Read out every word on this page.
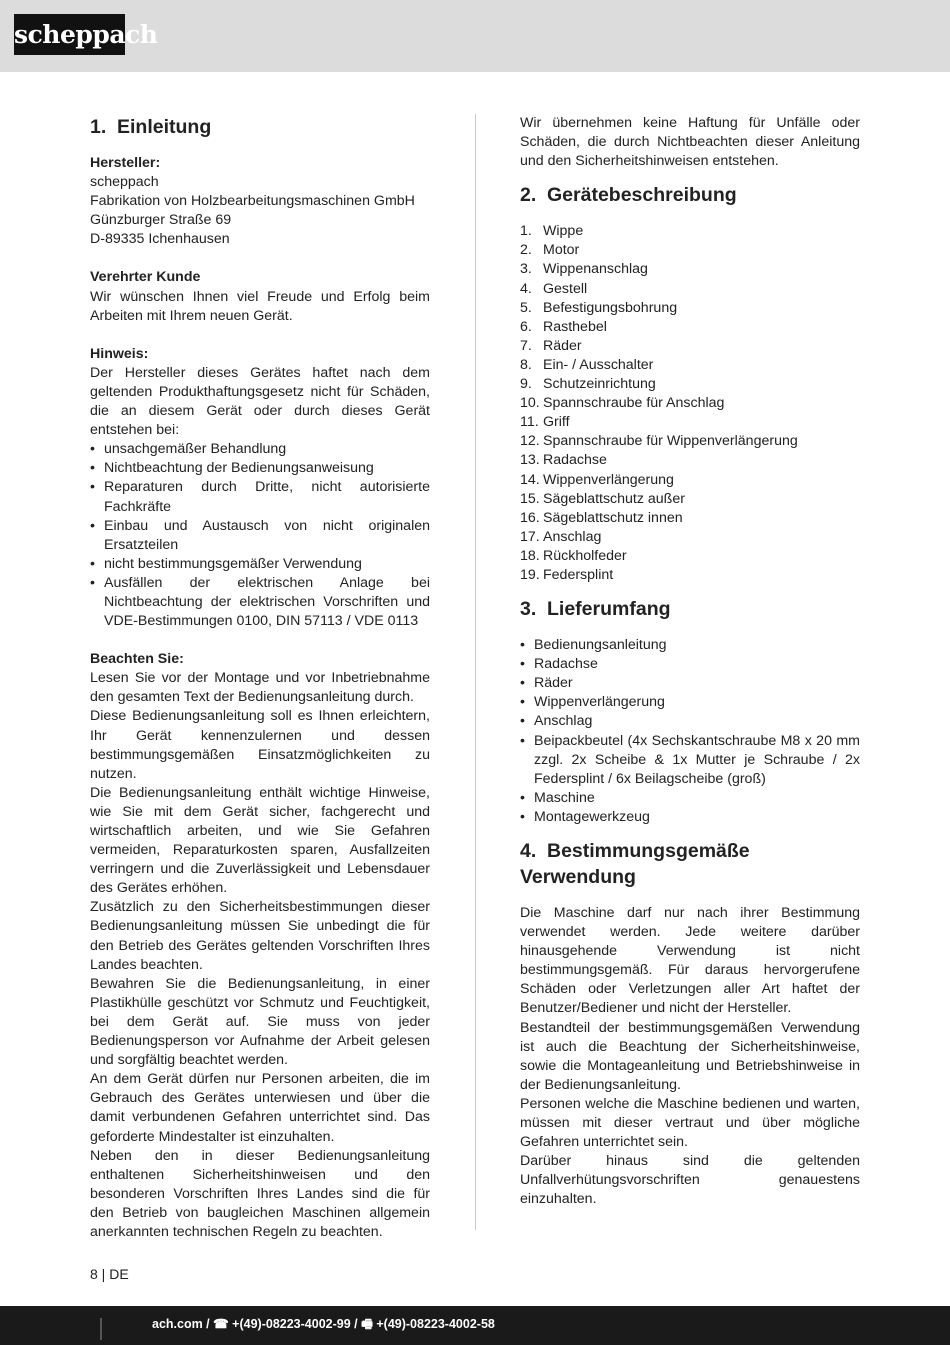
scheppach
1. Einleitung
Hersteller:
scheppach
Fabrikation von Holzbearbeitungsmaschinen GmbH
Günzburger Straße 69
D-89335 Ichenhausen
Verehrter Kunde
Wir wünschen Ihnen viel Freude und Erfolg beim Arbeiten mit Ihrem neuen Gerät.
Hinweis:
Der Hersteller dieses Gerätes haftet nach dem geltenden Produkthaftungsgesetz nicht für Schäden, die an diesem Gerät oder durch dieses Gerät entstehen bei:
• unsachgemäßer Behandlung
• Nichtbeachtung der Bedienungsanweisung
• Reparaturen durch Dritte, nicht autorisierte Fachkräfte
• Einbau und Austausch von nicht originalen Ersatzteilen
• nicht bestimmungsgemäßer Verwendung
• Ausfällen der elektrischen Anlage bei Nichtbeachtung der elektrischen Vorschriften und VDE-Bestimmungen 0100, DIN 57113 / VDE 0113
Beachten Sie:
Lesen Sie vor der Montage und vor Inbetriebnahme den gesamten Text der Bedienungsanleitung durch.
Diese Bedienungsanleitung soll es Ihnen erleichtern, Ihr Gerät kennenzulernen und dessen bestimmungsgemäßen Einsatzmöglichkeiten zu nutzen.
Die Bedienungsanleitung enthält wichtige Hinweise, wie Sie mit dem Gerät sicher, fachgerecht und wirtschaftlich arbeiten, und wie Sie Gefahren vermeiden, Reparaturkosten sparen, Ausfallzeiten verringern und die Zuverlässigkeit und Lebensdauer des Gerätes erhöhen.
Zusätzlich zu den Sicherheitsbestimmungen dieser Bedienungsanleitung müssen Sie unbedingt die für den Betrieb des Gerätes geltenden Vorschriften Ihres Landes beachten.
Bewahren Sie die Bedienungsanleitung, in einer Plastikhülle geschützt vor Schmutz und Feuchtigkeit, bei dem Gerät auf. Sie muss von jeder Bedienungsperson vor Aufnahme der Arbeit gelesen und sorgfältig beachtet werden.
An dem Gerät dürfen nur Personen arbeiten, die im Gebrauch des Gerätes unterwiesen und über die damit verbundenen Gefahren unterrichtet sind. Das geforderte Mindestalter ist einzuhalten.
Neben den in dieser Bedienungsanleitung enthaltenen Sicherheitshinweisen und den besonderen Vorschriften Ihres Landes sind die für den Betrieb von baugleichen Maschinen allgemein anerkannten technischen Regeln zu beachten.
Wir übernehmen keine Haftung für Unfälle oder Schäden, die durch Nichtbeachten dieser Anleitung und den Sicherheitshinweisen entstehen.
2. Gerätebeschreibung
1. Wippe
2. Motor
3. Wippenanschlag
4. Gestell
5. Befestigungsbohrung
6. Rasthebel
7. Räder
8. Ein- / Ausschalter
9. Schutzeinrichtung
10. Spannschraube für Anschlag
11. Griff
12. Spannschraube für Wippenverlängerung
13. Radachse
14. Wippenverlängerung
15. Sägeblattschutz außer
16. Sägeblattschutz innen
17. Anschlag
18. Rückholfeder
19. Federsplint
3. Lieferumfang
• Bedienungsanleitung
• Radachse
• Räder
• Wippenverlängerung
• Anschlag
• Beipackbeutel (4x Sechskantschraube M8 x 20 mm zzgl. 2x Scheibe & 1x Mutter je Schraube / 2x Federsplint / 6x Beilagscheibe (groß)
• Maschine
• Montagewerkzeug
4. Bestimmungsgemäße Verwendung
Die Maschine darf nur nach ihrer Bestimmung verwendet werden. Jede weitere darüber hinausgehende Verwendung ist nicht bestimmungsgemäß. Für daraus hervorgerufene Schäden oder Verletzungen aller Art haftet der Benutzer/Bediener und nicht der Hersteller.
Bestandteil der bestimmungsgemäßen Verwendung ist auch die Beachtung der Sicherheitshinweise, sowie die Montageanleitung und Betriebshinweise in der Bedienungsanleitung.
Personen welche die Maschine bedienen und warten, müssen mit dieser vertraut und über mögliche Gefahren unterrichtet sein.
Darüber hinaus sind die geltenden Unfallverhütungsvorschriften genauestens einzuhalten.
8 | DE
ach.com / ☎ +(49)-08223-4002-99 / 🖷 +(49)-08223-4002-58
